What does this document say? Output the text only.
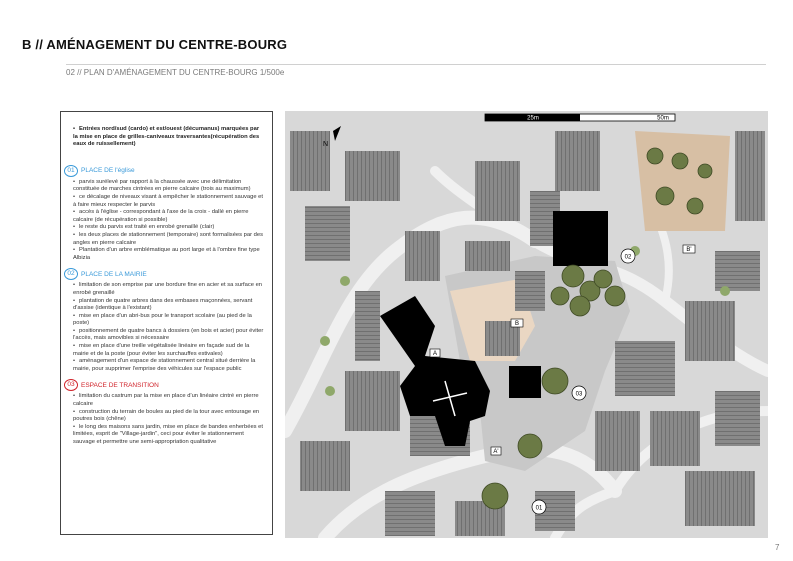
B // AMÉNAGEMENT DU CENTRE-BOURG
02 // PLAN D'AMÉNAGEMENT DU CENTRE-BOURG 1/500e

• Entrées nord/sud (cardo) et est/ouest (décumanus) marquées par la mise en place de grilles-caniveaux traversantes(récupération des eaux de ruissellement)

01 PLACE DE l'église

• parvis surélevé par rapport à la chaussée avec une délimitation constituée de marches cintrées en pierre calcaire (trois au maximum)

• ce décalage de niveaux visant à empêcher le stationnement sauvage et à faire mieux respecter le parvis

• accès à l'église - correspondant à l'axe de la croix - dallé en pierre calcaire (de récupération si possible)

• le reste du parvis est traité en enrobé grenaillé (clair)

• les deux places de stationnement (temporaire) sont formalisées par des angles en pierre calcaire

• Plantation d'un arbre emblématique au port large et à l'ombre fine type Albizia

02 PLACE DE LA MAIRIE

• limitation de son emprise par une bordure fine en acier et sa surface en enrobé grenaillé

• plantation de quatre arbres dans des embases maçonnées, servant d'assise (identique à l'existant)

• mise en place d'un abri-bus pour le transport scolaire (au pied de la poste)

• positionnement de quatre bancs à dossiers (en bois et acier) pour éviter l'accès, mais amovibles si nécessaire

• mise en place d'une treille végétalisée linéaire en façade sud de la mairie et de la poste (pour éviter les surchauffes estivales)

• aménagement d'un espace de stationnement central situé derrière la mairie, pour supprimer l'emprise des véhicules sur l'espace public

03 ESPACE DE TRANSITION

• limitation du castrum par la mise en place d'un linéaire cintré en pierre calcaire

• construction du terrain de boules au pied de la tour avec entourage en poutres bois (chêne)

• le long des maisons sans jardin, mise en place de bandes enherbées et limitées, esprit de "Village-jardin", ceci pour éviter le stationnement sauvage et permettre une semi-appropriation qualitative

25m	50m
N
02
03
01
B
B'
A
A'
7
